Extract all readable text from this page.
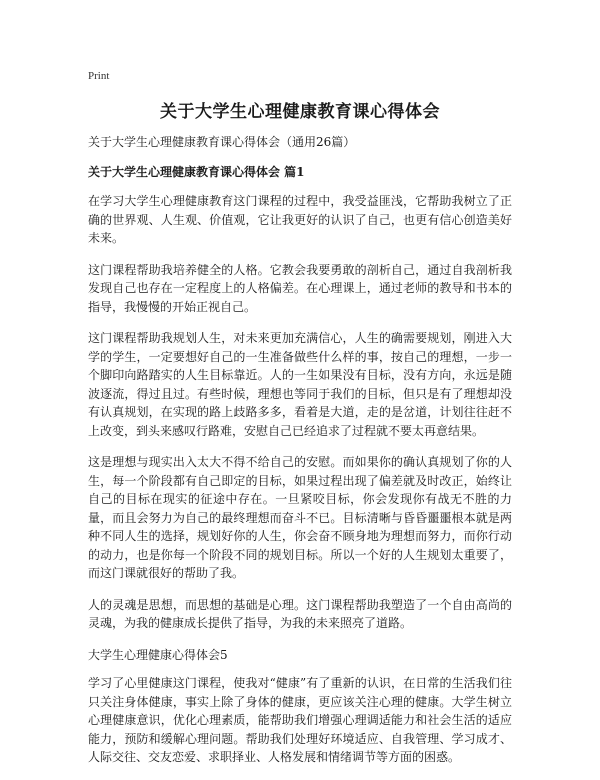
Print
关于大学生心理健康教育课心得体会

关于大学生心理健康教育课心得体会（通用26篇）

关于大学生心理健康教育课心得体会 篇1

在学习大学生心理健康教育这门课程的过程中，我受益匪浅，它帮助我树立了正确的世界观、人生观、价值观，它让我更好的认识了自己，也更有信心创造美好未来。

这门课程帮助我培养健全的人格。它教会我要勇敢的剖析自己，通过自我剖析我发现自己也存在一定程度上的人格偏差。在心理课上，通过老师的教导和书本的指导，我慢慢的开始正视自己。

这门课程帮助我规划人生，对未来更加充满信心，人生的确需要规划，刚进入大学的学生，一定要想好自己的一生准备做些什么样的事，按自己的理想，一步一个脚印向路踏实的人生目标靠近。人的一生如果没有目标，没有方向，永远是随波逐流，得过且过。有些时候，理想也等同于我们的目标，但只是有了理想却没有认真规划，在实现的路上歧路多多，看着是大道，走的是岔道，计划往往赶不上改变，到头来感叹行路难，安慰自己已经追求了过程就不要太再意结果。

这是理想与现实出入太大不得不给自己的安慰。而如果你的确认真规划了你的人生，每一个阶段都有自己即定的目标，如果过程出现了偏差就及时改正，始终让自己的目标在现实的征途中存在。一旦紧咬目标，你会发现你有战无不胜的力量，而且会努力为自己的最终理想而奋斗不已。目标清晰与昏昏噩噩根本就是两种不同人生的选择，规划好你的人生，你会奋不顾身地为理想而努力，而你行动的动力，也是你每一个阶段不同的规划目标。所以一个好的人生规划太重要了，而这门课就很好的帮助了我。

人的灵魂是思想，而思想的基础是心理。这门课程帮助我塑造了一个自由高尚的灵魂，为我的健康成长提供了指导，为我的未来照亮了道路。

大学生心理健康心得体会5

学习了心里健康这门课程，使我对“健康”有了重新的认识，在日常的生活我们往只关注身体健康，事实上除了身体的健康，更应该关注心理的健康。大学生树立心理健康意识，优化心理素质，能帮助我们增强心理调适能力和社会生活的适应能力，预防和缓解心理问题。帮助我们处理好环境适应、自我管理、学习成才、人际交往、交友恋爱、求职择业、人格发展和情绪调节等方面的困惑。
